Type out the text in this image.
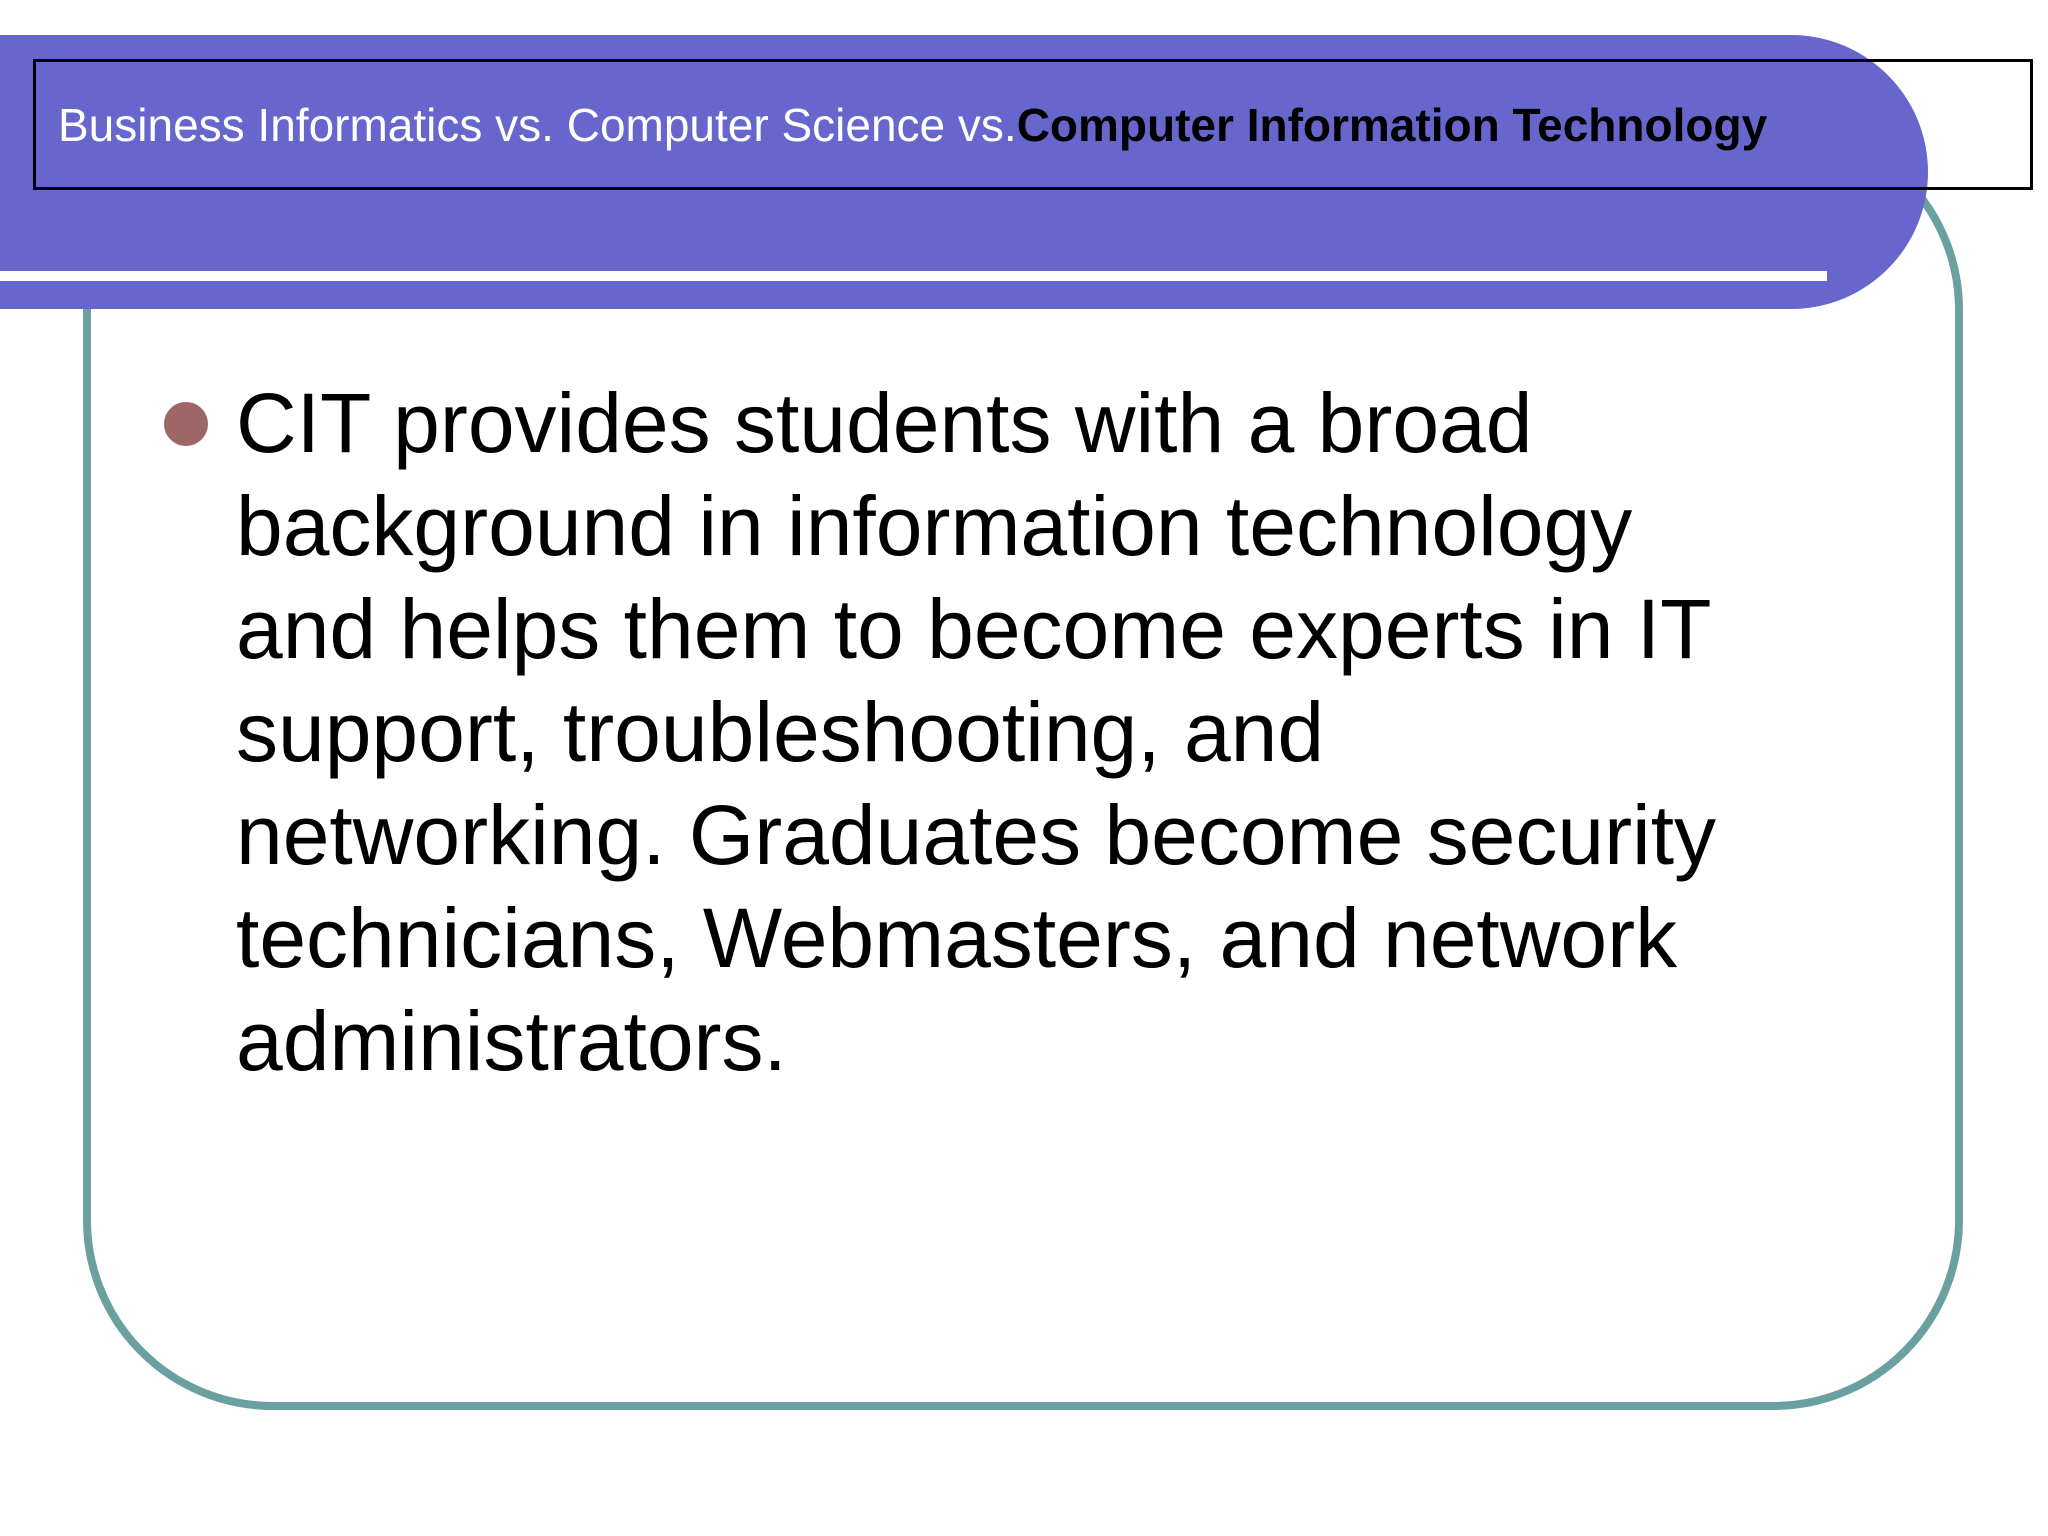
Business Informatics vs. Computer Science vs. Computer Information Technology
CIT provides students with a broad
background in information technology
and helps them to become experts in IT
support, troubleshooting, and
networking. Graduates become security
technicians, Webmasters, and network
administrators.
